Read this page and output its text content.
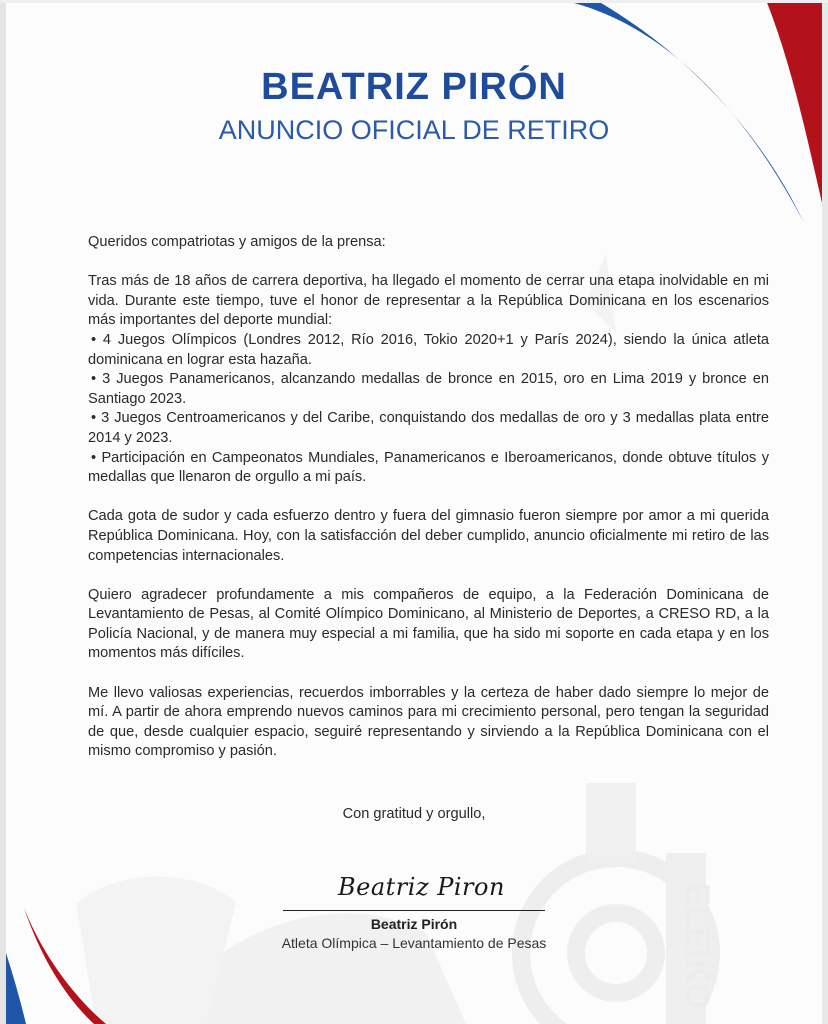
ELEIKO
BEATRIZ PIRÓN
ANUNCIO OFICIAL DE RETIRO

Queridos compatriotas y amigos de la prensa:

Tras más de 18 años de carrera deportiva, ha llegado el momento de cerrar una etapa inolvidable en mi vida. Durante este tiempo, tuve el honor de representar a la República Dominicana en los escenarios más importantes del deporte mundial:

• 4 Juegos Olímpicos (Londres 2012, Río 2016, Tokio 2020+1 y París 2024), siendo la única atleta dominicana en lograr esta hazaña.

• 3 Juegos Panamericanos, alcanzando medallas de bronce en 2015, oro en Lima 2019 y bronce en Santiago 2023.

• 3 Juegos Centroamericanos y del Caribe, conquistando dos medallas de oro y 3 medallas plata entre 2014 y 2023.

• Participación en Campeonatos Mundiales, Panamericanos e Iberoamericanos, donde obtuve títulos y medallas que llenaron de orgullo a mi país.

Cada gota de sudor y cada esfuerzo dentro y fuera del gimnasio fueron siempre por amor a mi querida República Dominicana. Hoy, con la satisfacción del deber cumplido, anuncio oficialmente mi retiro de las competencias internacionales.

Quiero agradecer profundamente a mis compañeros de equipo, a la Federación Dominicana de Levantamiento de Pesas, al Comité Olímpico Dominicano, al Ministerio de Deportes, a CRESO RD, a la Policía Nacional, y de manera muy especial a mi familia, que ha sido mi soporte en cada etapa y en los momentos más difíciles.

Me llevo valiosas experiencias, recuerdos imborrables y la certeza de haber dado siempre lo mejor de mí. A partir de ahora emprendo nuevos caminos para mi crecimiento personal, pero tengan la seguridad de que, desde cualquier espacio, seguiré representando y sirviendo a la República Dominicana con el mismo compromiso y pasión.

Con gratitud y orgullo,
Beatriz Piron
Beatriz Pirón
Atleta Olímpica – Levantamiento de Pesas
